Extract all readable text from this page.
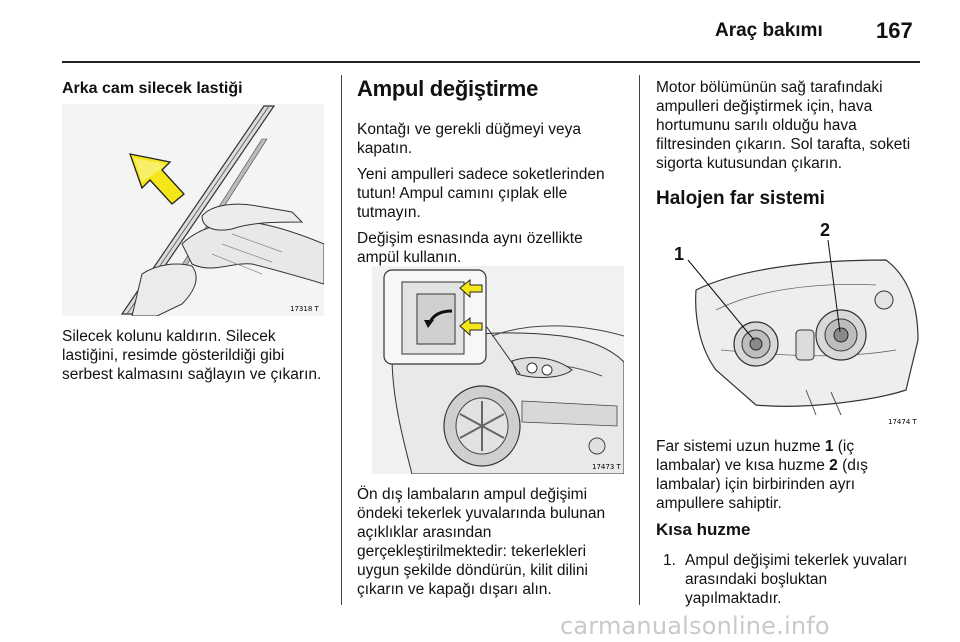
Araç bakımı 167
Arka cam silecek lastiği
17318 T
Silecek kolunu kaldırın. Silecek
lastiğini, resimde gösterildiği gibi
serbest kalmasını sağlayın ve çıkarın.
Ampul değiştirme

Kontağı ve gerekli düğmeyi veya
kapatın.

Yeni ampulleri sadece soketlerinden
tutun! Ampul camını çıplak elle
tutmayın.

Değişim esnasında aynı özellikte
ampül kullanın.

17473 T
Ön dış lambaların ampul değişimi
öndeki tekerlek yuvalarında bulunan
açıklıklar arasından
gerçekleştirilmektedir: tekerlekleri
uygun şekilde döndürün, kilit dilini
çıkarın ve kapağı dışarı alın.
Motor bölümünün sağ tarafındaki
ampulleri değiştirmek için, hava
hortumunu sarılı olduğu hava
filtresinden çıkarın. Sol tarafta, soketi
sigorta kutusundan çıkarın.
Halojen far sistemi
1
2
17474 T
Far sistemi uzun huzme 1 (iç
lambalar) ve kısa huzme 2 (dış
lambalar) için birbirinden ayrı
ampullere sahiptir.
Kısa huzme
1. Ampul değişimi tekerlek yuvaları
arasındaki boşluktan
yapılmaktadır.
carmanualsonline.info
